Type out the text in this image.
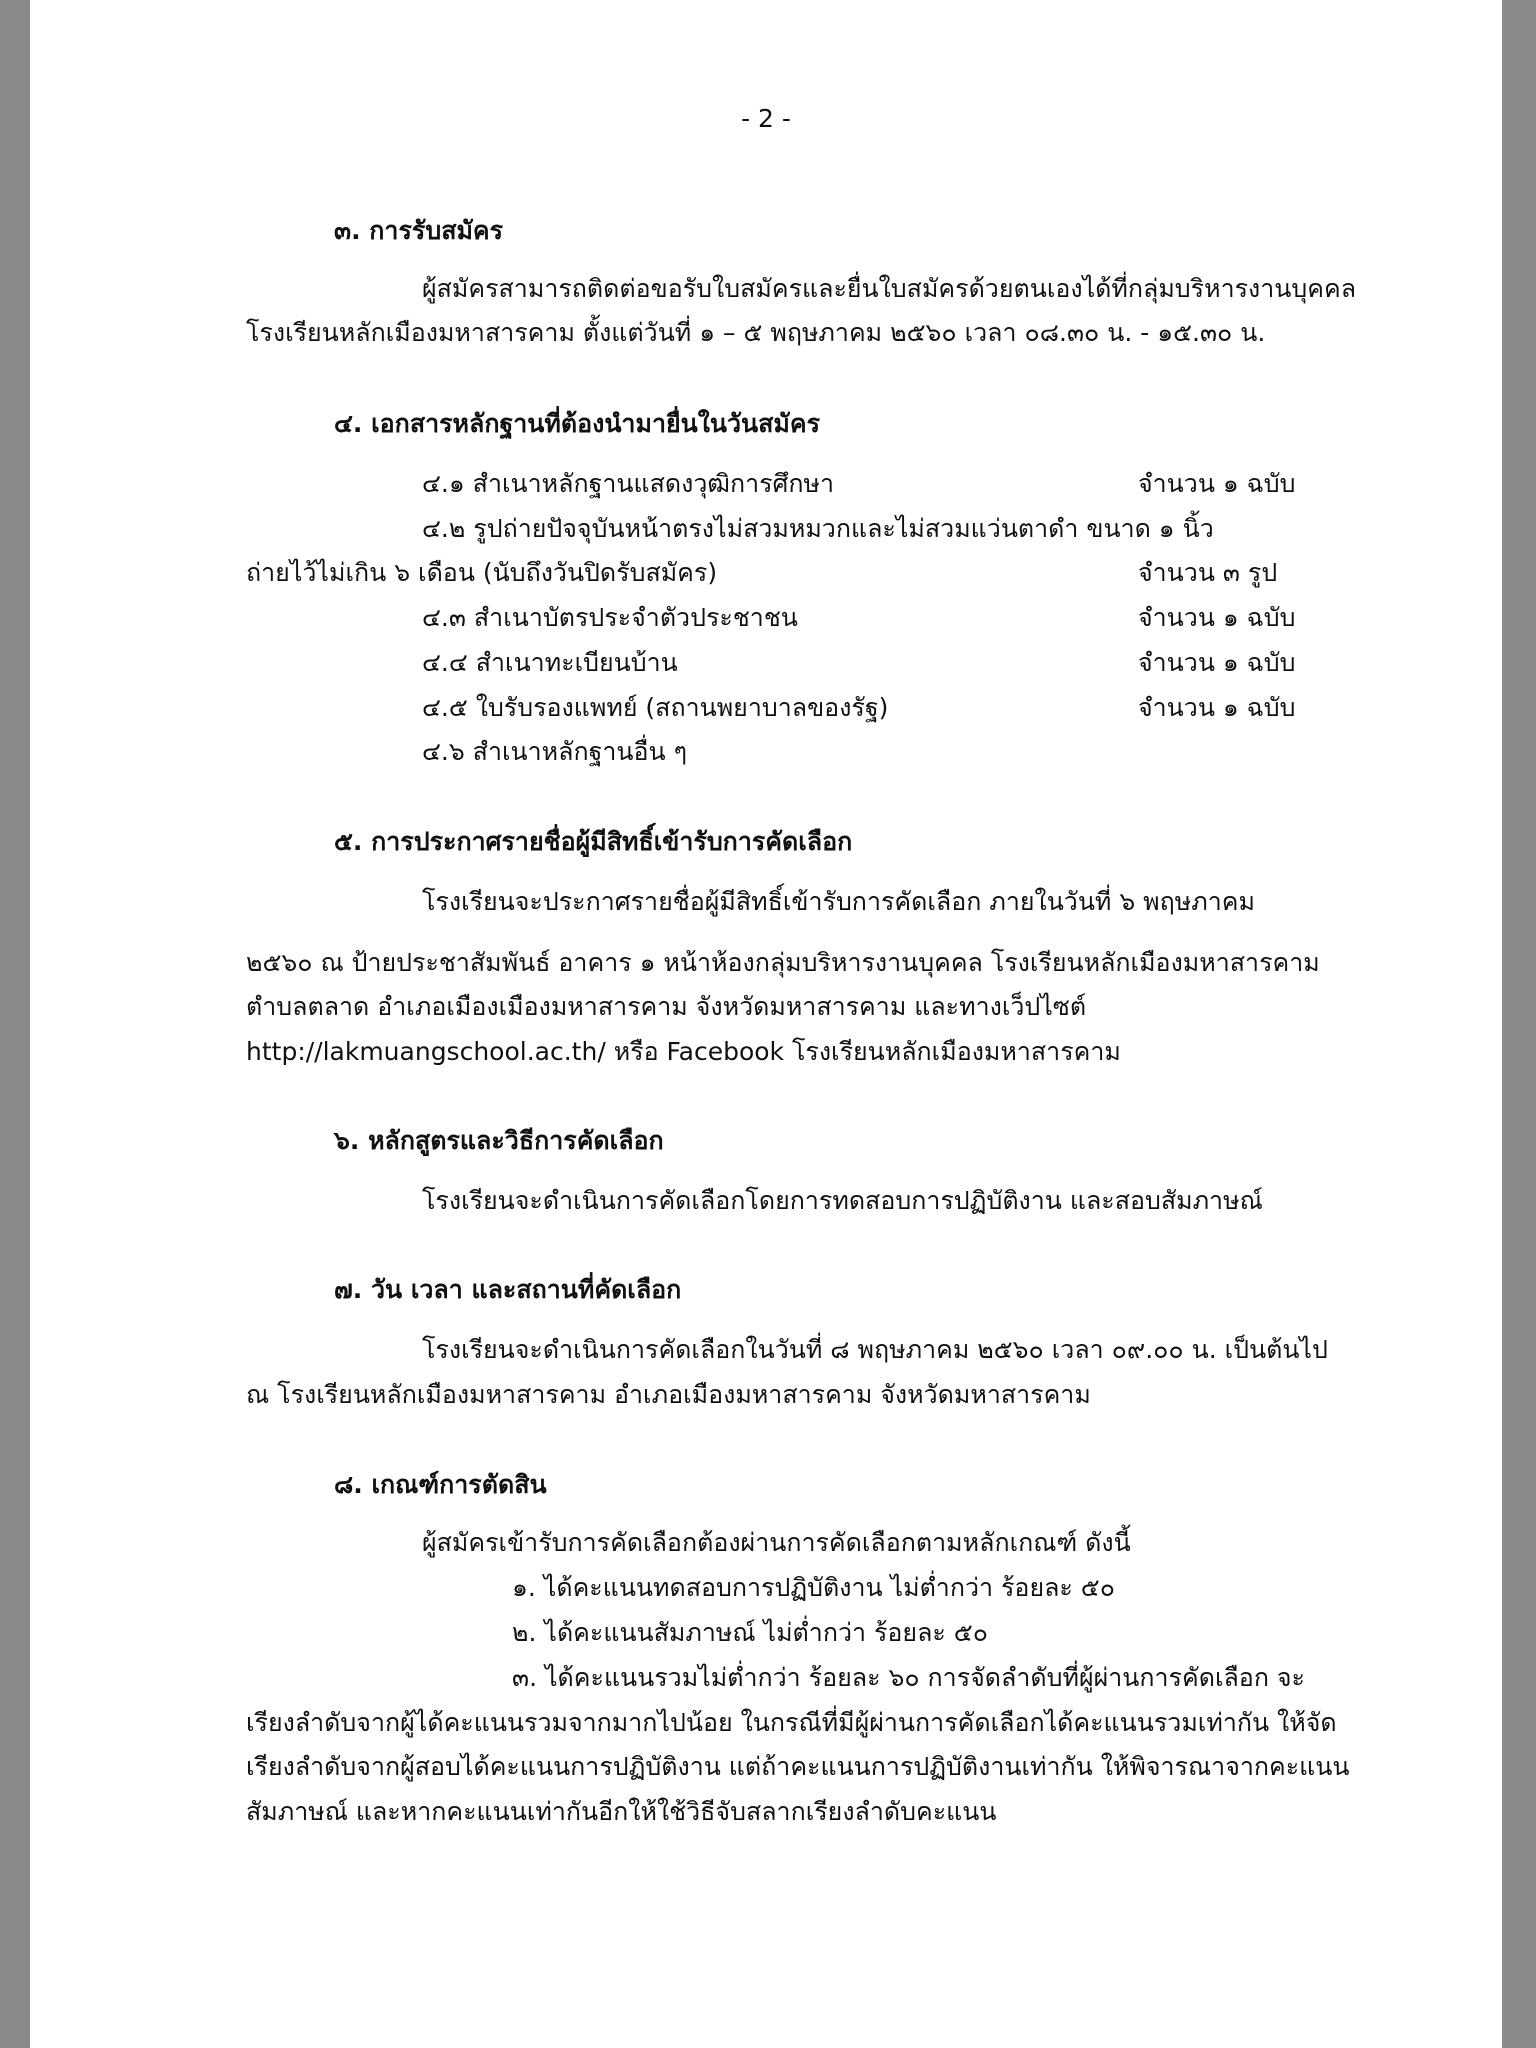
- 2 -
๓. การรับสมัคร
ผู้สมัครสามารถติดต่อขอรับใบสมัครและยื่นใบสมัครด้วยตนเองได้ที่กลุ่มบริหารงานบุคคล
โรงเรียนหลักเมืองมหาสารคาม ตั้งแต่วันที่ ๑ – ๕ พฤษภาคม ๒๕๖๐ เวลา ๐๘.๓๐ น. - ๑๕.๓๐ น.
๔. เอกสารหลักฐานที่ต้องนำมายื่นในวันสมัคร
๔.๑ สำเนาหลักฐานแสดงวุฒิการศึกษา	จำนวน ๑ ฉบับ
๔.๒ รูปถ่ายปัจจุบันหน้าตรงไม่สวมหมวกและไม่สวมแว่นตาดำ ขนาด ๑ นิ้ว
ถ่ายไว้ไม่เกิน ๖ เดือน (นับถึงวันปิดรับสมัคร)	จำนวน ๓ รูป
๔.๓ สำเนาบัตรประจำตัวประชาชน	จำนวน ๑ ฉบับ
๔.๔ สำเนาทะเบียนบ้าน	จำนวน ๑ ฉบับ
๔.๕ ใบรับรองแพทย์ (สถานพยาบาลของรัฐ)	จำนวน ๑ ฉบับ
๔.๖ สำเนาหลักฐานอื่น ๆ
๕. การประกาศรายชื่อผู้มีสิทธิ์เข้ารับการคัดเลือก
โรงเรียนจะประกาศรายชื่อผู้มีสิทธิ์เข้ารับการคัดเลือก ภายในวันที่ ๖ พฤษภาคม
๒๕๖๐ ณ ป้ายประชาสัมพันธ์ อาคาร ๑ หน้าห้องกลุ่มบริหารงานบุคคล โรงเรียนหลักเมืองมหาสารคาม
ตำบลตลาด อำเภอเมืองเมืองมหาสารคาม จังหวัดมหาสารคาม และทางเว็ปไซต์
http://lakmuangschool.ac.th/ หรือ Facebook โรงเรียนหลักเมืองมหาสารคาม
๖. หลักสูตรและวิธีการคัดเลือก
โรงเรียนจะดำเนินการคัดเลือกโดยการทดสอบการปฏิบัติงาน และสอบสัมภาษณ์
๗. วัน เวลา และสถานที่คัดเลือก
โรงเรียนจะดำเนินการคัดเลือกในวันที่ ๘ พฤษภาคม ๒๕๖๐ เวลา ๐๙.๐๐ น. เป็นต้นไป
ณ โรงเรียนหลักเมืองมหาสารคาม อำเภอเมืองมหาสารคาม จังหวัดมหาสารคาม
๘. เกณฑ์การตัดสิน
ผู้สมัครเข้ารับการคัดเลือกต้องผ่านการคัดเลือกตามหลักเกณฑ์ ดังนี้
๑. ได้คะแนนทดสอบการปฏิบัติงาน ไม่ต่ำกว่า ร้อยละ ๕๐
๒. ได้คะแนนสัมภาษณ์ ไม่ต่ำกว่า ร้อยละ ๕๐
๓. ได้คะแนนรวมไม่ต่ำกว่า ร้อยละ ๖๐ การจัดลำดับที่ผู้ผ่านการคัดเลือก จะ
เรียงลำดับจากผู้ได้คะแนนรวมจากมากไปน้อย ในกรณีที่มีผู้ผ่านการคัดเลือกได้คะแนนรวมเท่ากัน ให้จัด
เรียงลำดับจากผู้สอบได้คะแนนการปฏิบัติงาน แต่ถ้าคะแนนการปฏิบัติงานเท่ากัน ให้พิจารณาจากคะแนน
สัมภาษณ์ และหากคะแนนเท่ากันอีกให้ใช้วิธีจับสลากเรียงลำดับคะแนน
